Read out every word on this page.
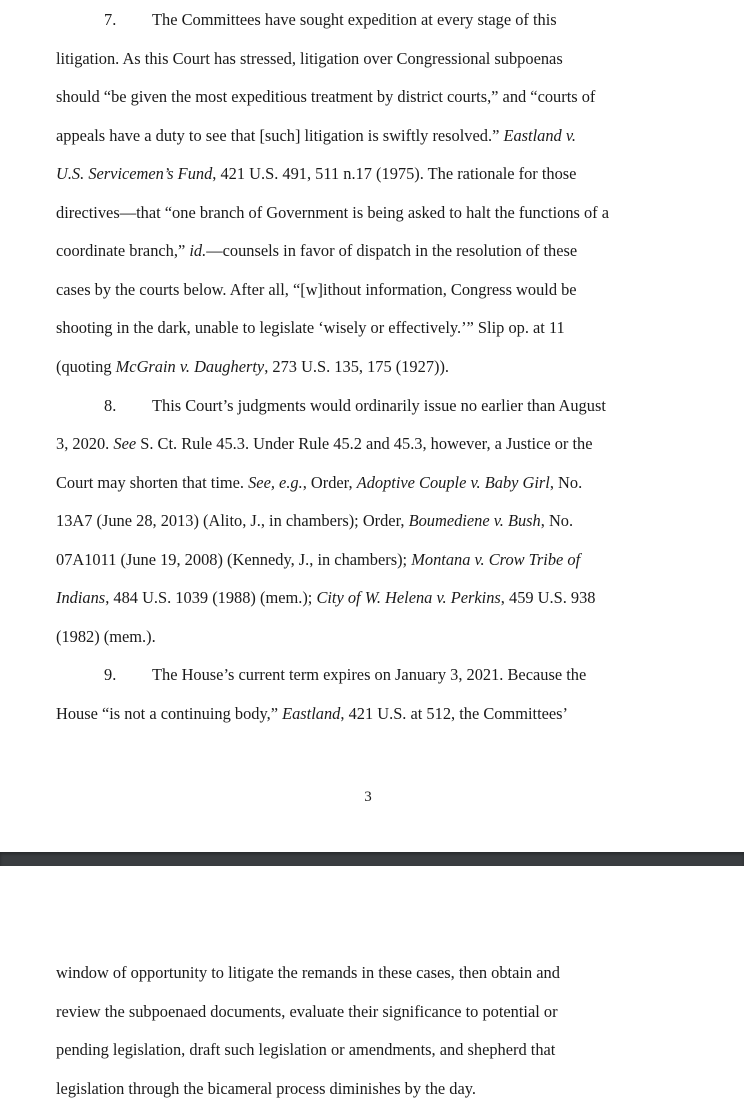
3
7. The Committees have sought expedition at every stage of this
litigation. As this Court has stressed, litigation over Congressional subpoenas
should “be given the most expeditious treatment by district courts,” and “courts of
appeals have a duty to see that [such] litigation is swiftly resolved.” Eastland v.
U.S. Servicemen’s Fund, 421 U.S. 491, 511 n.17 (1975). The rationale for those
directives—that “one branch of Government is being asked to halt the functions of a
coordinate branch,” id.—counsels in favor of dispatch in the resolution of these
cases by the courts below. After all, “[w]ithout information, Congress would be
shooting in the dark, unable to legislate ‘wisely or effectively.’” Slip op. at 11
(quoting McGrain v. Daugherty, 273 U.S. 135, 175 (1927)).
8. This Court’s judgments would ordinarily issue no earlier than August
3, 2020. See S. Ct. Rule 45.3. Under Rule 45.2 and 45.3, however, a Justice or the
Court may shorten that time. See, e.g., Order, Adoptive Couple v. Baby Girl, No.
13A7 (June 28, 2013) (Alito, J., in chambers); Order, Boumediene v. Bush, No.
07A1011 (June 19, 2008) (Kennedy, J., in chambers); Montana v. Crow Tribe of
Indians, 484 U.S. 1039 (1988) (mem.); City of W. Helena v. Perkins, 459 U.S. 938
(1982) (mem.).
9. The House’s current term expires on January 3, 2021. Because the
House “is not a continuing body,” Eastland, 421 U.S. at 512, the Committees’
window of opportunity to litigate the remands in these cases, then obtain and
review the subpoenaed documents, evaluate their significance to potential or
pending legislation, draft such legislation or amendments, and shepherd that
legislation through the bicameral process diminishes by the day.
